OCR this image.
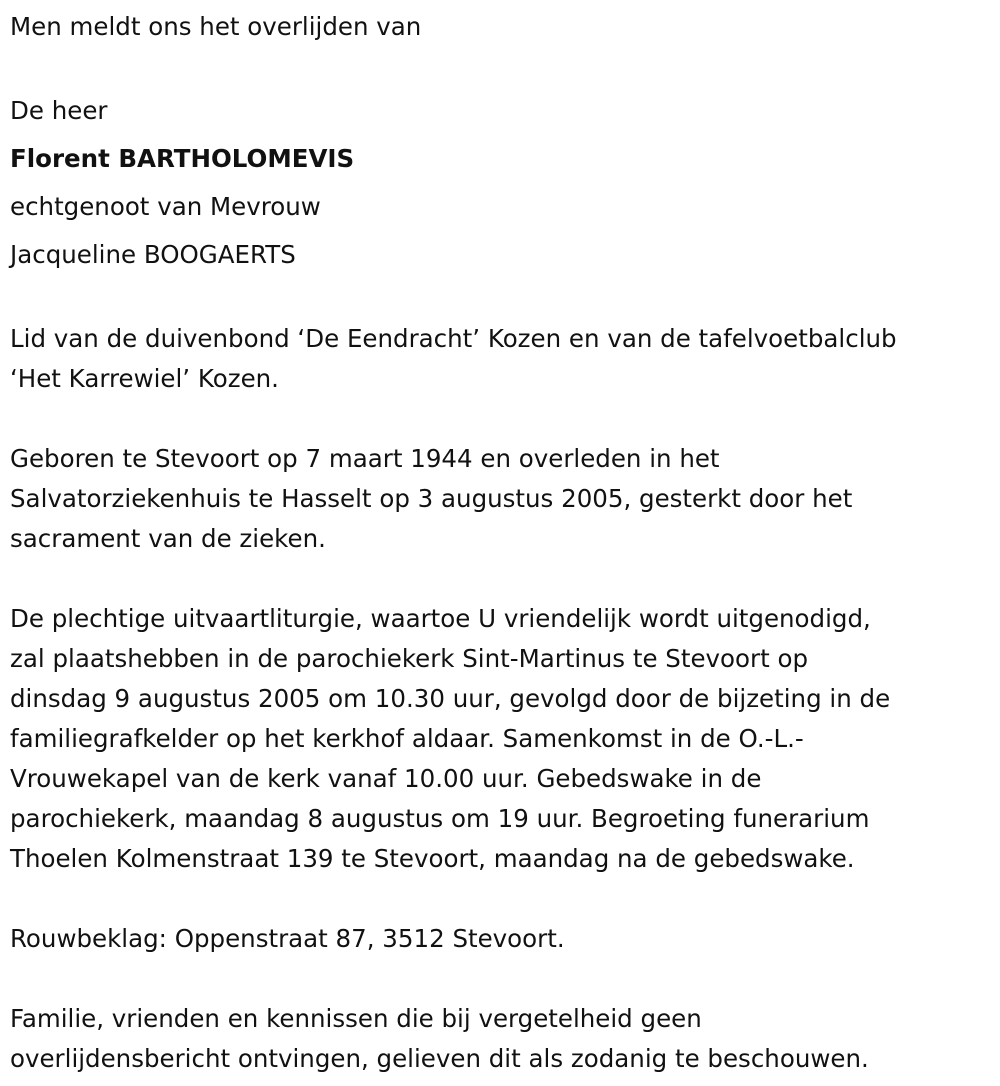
Men meldt ons het overlijden van
De heer
Florent BARTHOLOMEVIS
echtgenoot van Mevrouw
Jacqueline BOOGAERTS
Lid van de duivenbond ‘De Eendracht’ Kozen en van de tafelvoetbalclub
‘Het Karrewiel’ Kozen.
Geboren te Stevoort op 7 maart 1944 en overleden in het
Salvatorziekenhuis te Hasselt op 3 augustus 2005, gesterkt door het
sacrament van de zieken.
De plechtige uitvaartliturgie, waartoe U vriendelijk wordt uitgenodigd,
zal plaatshebben in de parochiekerk Sint-Martinus te Stevoort op
dinsdag 9 augustus 2005 om 10.30 uur, gevolgd door de bijzeting in de
familiegrafkelder op het kerkhof aldaar. Samenkomst in de O.-L.-
Vrouwekapel van de kerk vanaf 10.00 uur. Gebedswake in de
parochiekerk, maandag 8 augustus om 19 uur. Begroeting funerarium
Thoelen Kolmenstraat 139 te Stevoort, maandag na de gebedswake.
Rouwbeklag: Oppenstraat 87, 3512 Stevoort.
Familie, vrienden en kennissen die bij vergetelheid geen
overlijdensbericht ontvingen, gelieven dit als zodanig te beschouwen.
